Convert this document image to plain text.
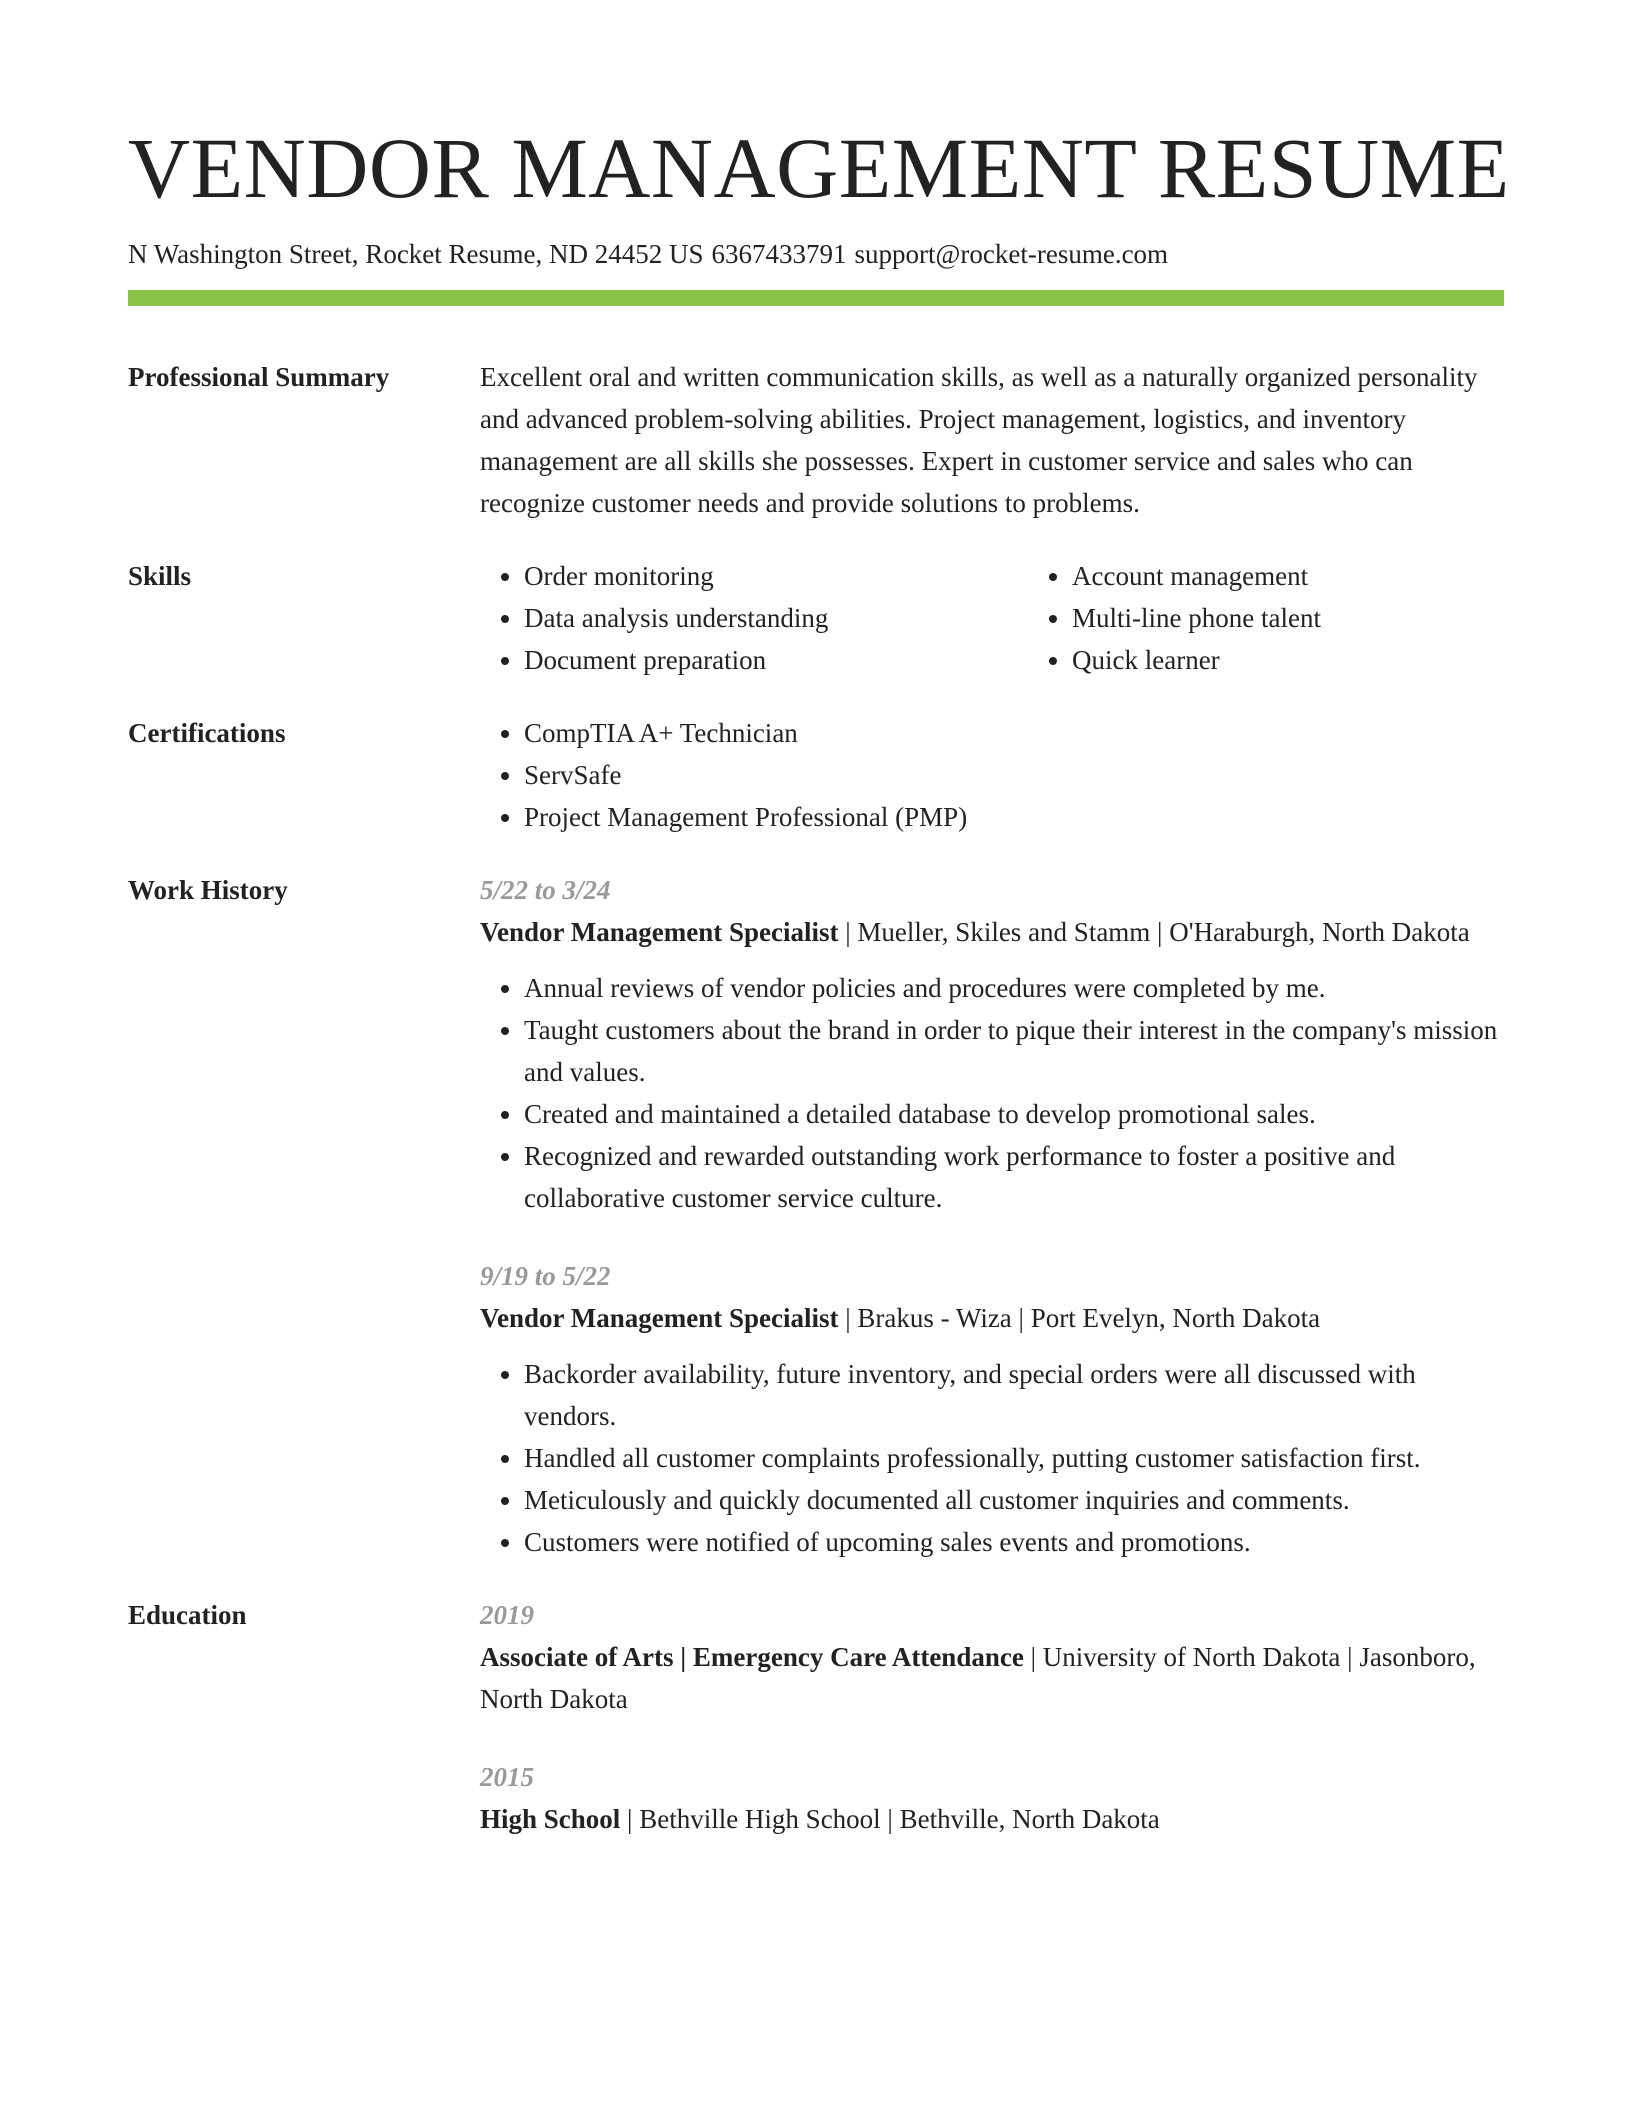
VENDOR MANAGEMENT RESUME
N Washington Street, Rocket Resume, ND 24452 US 6367433791 support@rocket-resume.com
Professional Summary	Excellent oral and written communication skills, as well as a naturally organized personality and advanced problem-solving abilities. Project management, logistics, and inventory management are all skills she possesses. Expert in customer service and sales who can recognize customer needs and provide solutions to problems.
Skills	• Order monitoring
• Data analysis understanding
• Document preparation
• Account management
• Multi-line phone talent
• Quick learner
Certifications	• CompTIA A+ Technician
• ServSafe
• Project Management Professional (PMP)
Work History	5/22 to 3/24
Vendor Management Specialist | Mueller, Skiles and Stamm | O'Haraburgh, North Dakota
• Annual reviews of vendor policies and procedures were completed by me.
• Taught customers about the brand in order to pique their interest in the company's mission and values.
• Created and maintained a detailed database to develop promotional sales.
• Recognized and rewarded outstanding work performance to foster a positive and collaborative customer service culture.
9/19 to 5/22
Vendor Management Specialist | Brakus - Wiza | Port Evelyn, North Dakota
• Backorder availability, future inventory, and special orders were all discussed with vendors.
• Handled all customer complaints professionally, putting customer satisfaction first.
• Meticulously and quickly documented all customer inquiries and comments.
• Customers were notified of upcoming sales events and promotions.
Education	2019
Associate of Arts | Emergency Care Attendance | University of North Dakota | Jasonboro, North Dakota
2015
High School | Bethville High School | Bethville, North Dakota
